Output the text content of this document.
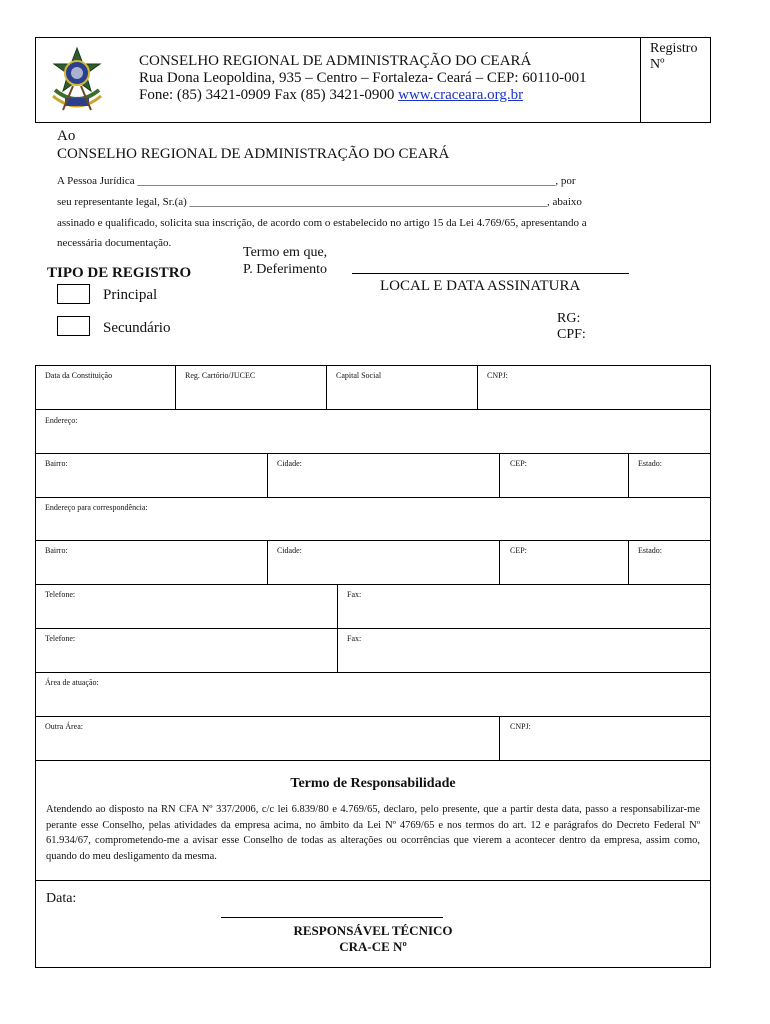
CONSELHO REGIONAL DE ADMINISTRAÇÃO DO CEARÁ
Rua Dona Leopoldina, 935 – Centro – Fortaleza- Ceará – CEP: 60110-001
Fone: (85) 3421-0909 Fax (85) 3421-0900 www.craceara.org.br
Registro Nº
Ao
CONSELHO REGIONAL DE ADMINISTRAÇÃO DO CEARÁ
A Pessoa Jurídica ____________________________________________________________________________, por
seu representante legal, Sr.(a) _________________________________________________________________, abaixo
assinado e qualificado, solicita sua inscrição, de acordo com o estabelecido no artigo 15 da Lei 4.769/65, apresentando a
necessária documentação.
Termo em que,
P. Deferimento
TIPO DE REGISTRO
Principal
Secundário
LOCAL E DATA ASSINATURA
RG:
CPF:
Data da Constituição	Reg. Cartório/JUCEC	Capital Social	CNPJ:
Endereço:
Bairro:	Cidade:	CEP:	Estado:
Endereço para correspondência:
Bairro:	Cidade:	CEP:	Estado:
Telefone:	Fax:
Telefone:	Fax:
Área de atuação:
Outra Área:	CNPJ:
Termo de Responsabilidade
Atendendo ao disposto na RN CFA Nº 337/2006, c/c lei 6.839/80 e 4.769/65, declaro, pelo presente, que a partir desta data, passo a responsabilizar-me perante esse Conselho, pelas atividades da empresa acima, no âmbito da Lei Nº 4769/65 e nos termos do art. 12 e parágrafos do Decreto Federal Nº 61.934/67, comprometendo-me a avisar esse Conselho de todas as alterações ou ocorrências que vierem a acontecer dentro da empresa, assim como, quando do meu desligamento da mesma.
Data:
RESPONSÁVEL TÉCNICO
CRA-CE Nº
